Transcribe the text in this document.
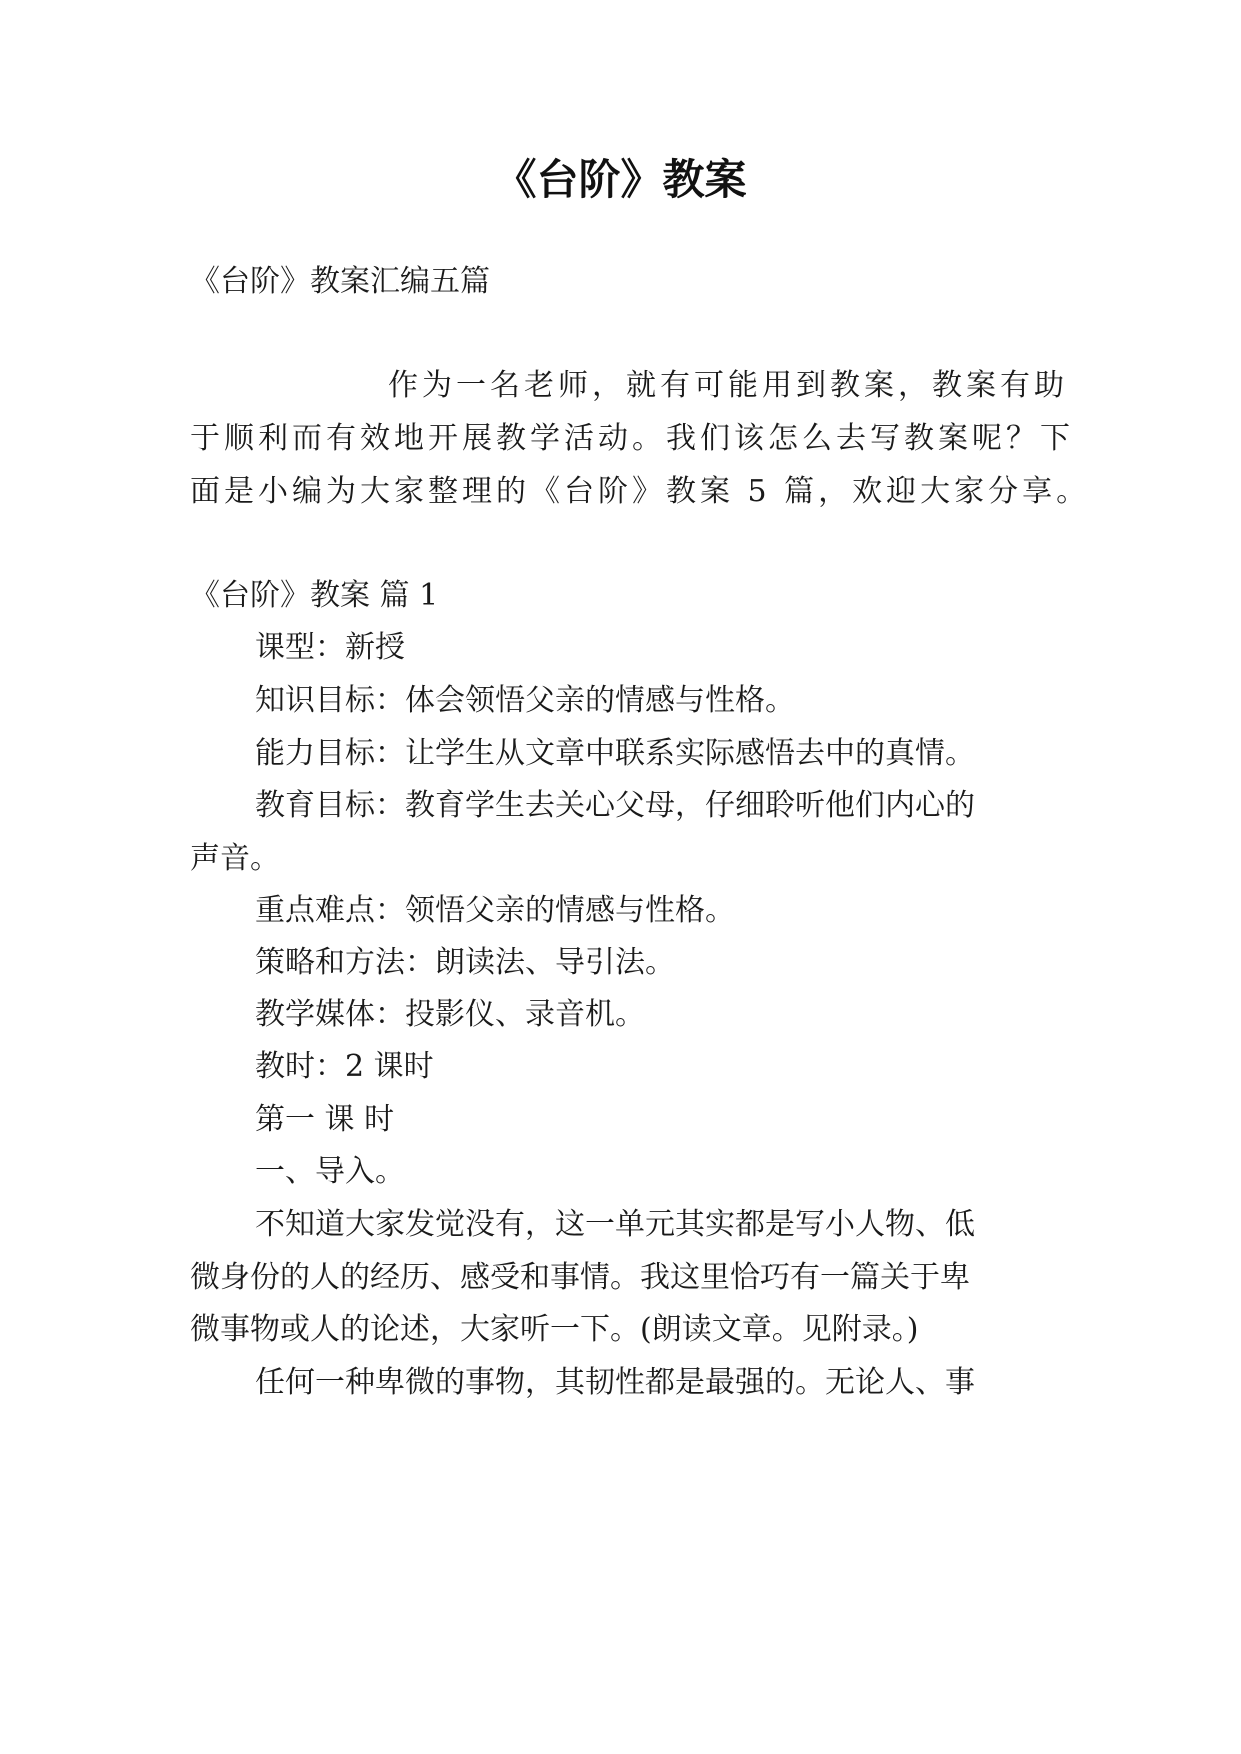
《台阶》教案
《台阶》教案汇编五篇
作为一名老师，就有可能用到教案，教案有助
于顺利而有效地开展教学活动。我们该怎么去写教案呢？下
面是小编为大家整理的《台阶》教案 5 篇，欢迎大家分享。
《台阶》教案 篇 1
课型：新授
知识目标：体会领悟父亲的情感与性格。
能力目标：让学生从文章中联系实际感悟去中的真情。
教育目标：教育学生去关心父母，仔细聆听他们内心的
声音。
重点难点：领悟父亲的情感与性格。
策略和方法：朗读法、导引法。
教学媒体：投影仪、录音机。
教时：2 课时
第一 课 时
一、导入。
不知道大家发觉没有，这一单元其实都是写小人物、低
微身份的人的经历、感受和事情。我这里恰巧有一篇关于卑
微事物或人的论述，大家听一下。(朗读文章。见附录。)
任何一种卑微的事物，其韧性都是最强的。无论人、事
